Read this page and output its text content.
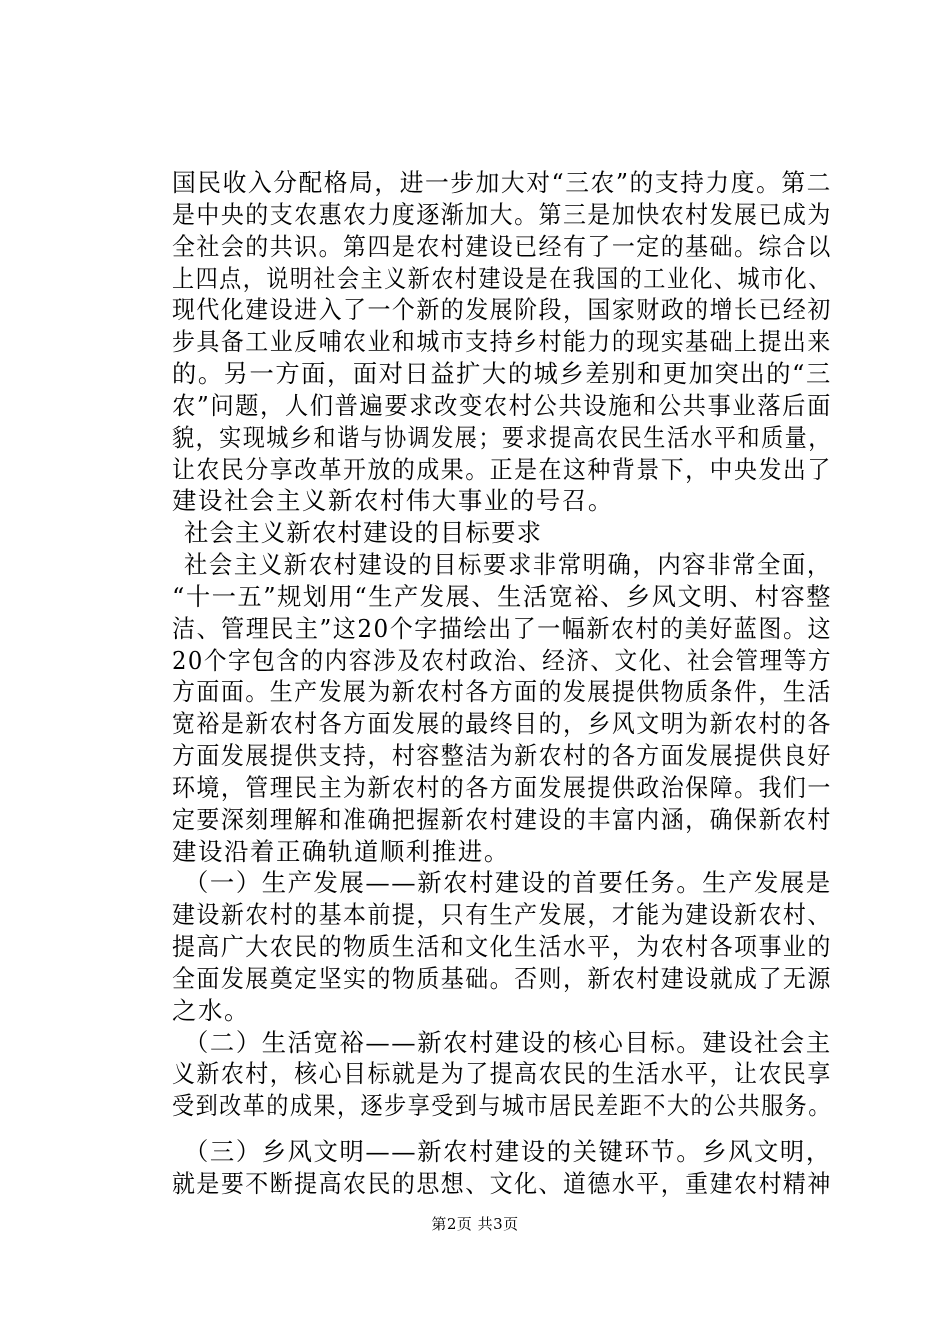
国民收入分配格局，进一步加大对“三农”的支持力度。第二
是中央的支农惠农力度逐渐加大。第三是加快农村发展已成为
全社会的共识。第四是农村建设已经有了一定的基础。综合以
上四点，说明社会主义新农村建设是在我国的工业化、城市化、
现代化建设进入了一个新的发展阶段，国家财政的增长已经初
步具备工业反哺农业和城市支持乡村能力的现实基础上提出来
的。另一方面，面对日益扩大的城乡差别和更加突出的“三
农”问题，人们普遍要求改变农村公共设施和公共事业落后面
貌，实现城乡和谐与协调发展；要求提高农民生活水平和质量，
让农民分享改革开放的成果。正是在这种背景下，中央发出了
建设社会主义新农村伟大事业的号召。
社会主义新农村建设的目标要求
社会主义新农村建设的目标要求非常明确，内容非常全面，
“十一五”规划用“生产发展、生活宽裕、乡风文明、村容整
洁、管理民主”这20个字描绘出了一幅新农村的美好蓝图。这
20个字包含的内容涉及农村政治、经济、文化、社会管理等方
方面面。生产发展为新农村各方面的发展提供物质条件，生活
宽裕是新农村各方面发展的最终目的，乡风文明为新农村的各
方面发展提供支持，村容整洁为新农村的各方面发展提供良好
环境，管理民主为新农村的各方面发展提供政治保障。我们一
定要深刻理解和准确把握新农村建设的丰富内涵，确保新农村
建设沿着正确轨道顺利推进。
（一）生产发展——新农村建设的首要任务。生产发展是
建设新农村的基本前提，只有生产发展，才能为建设新农村、
提高广大农民的物质生活和文化生活水平，为农村各项事业的
全面发展奠定坚实的物质基础。否则，新农村建设就成了无源
之水。
（二）生活宽裕——新农村建设的核心目标。建设社会主
义新农村，核心目标就是为了提高农民的生活水平，让农民享
受到改革的成果，逐步享受到与城市居民差距不大的公共服务。
（三）乡风文明——新农村建设的关键环节。乡风文明，
就是要不断提高农民的思想、文化、道德水平，重建农村精神
第2页 共3页
